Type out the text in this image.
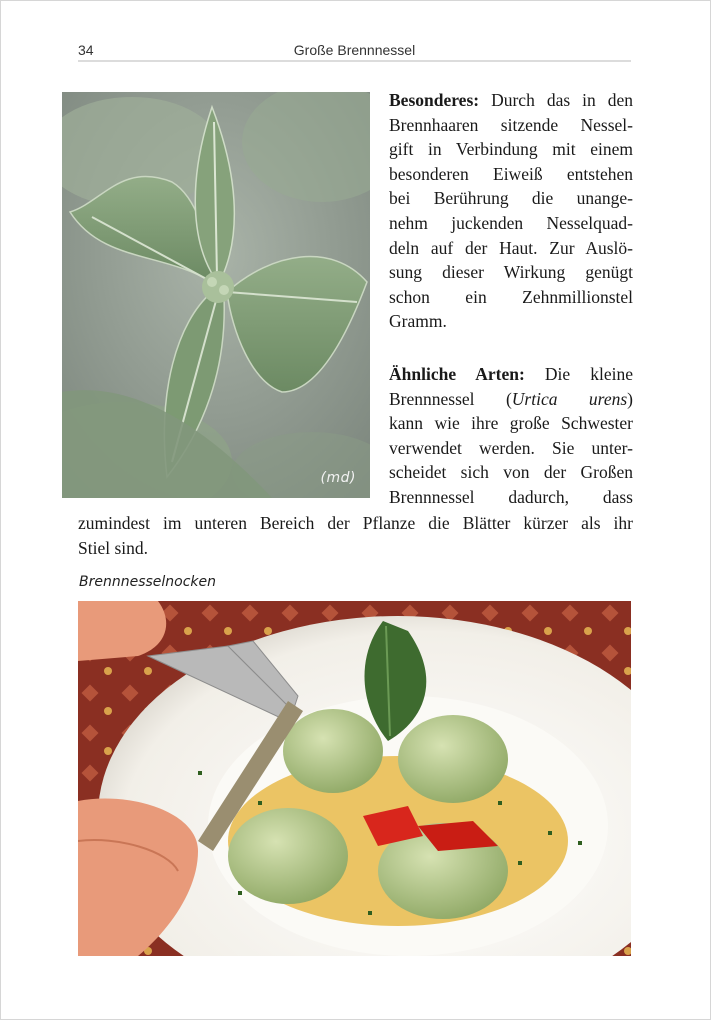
34	Große Brennnessel
(md)
Besonderes: Durch das in den
Brennhaaren sitzende Nessel-
gift in Verbindung mit einem
besonderen Eiweiß entstehen
bei Berührung die unange-
nehm juckenden Nesselquad-
deln auf der Haut. Zur Auslö-
sung dieser Wirkung genügt
schon ein Zehnmillionstel
Gramm.
Ähnliche Arten: Die kleine
Brennnessel (Urtica urens)
kann wie ihre große Schwester
verwendet werden. Sie unter-
scheidet sich von der Großen
Brennnessel dadurch, dass
zumindest im unteren Bereich der Pflanze die Blätter kürzer als ihr
Stiel sind.
Brennnesselnocken
